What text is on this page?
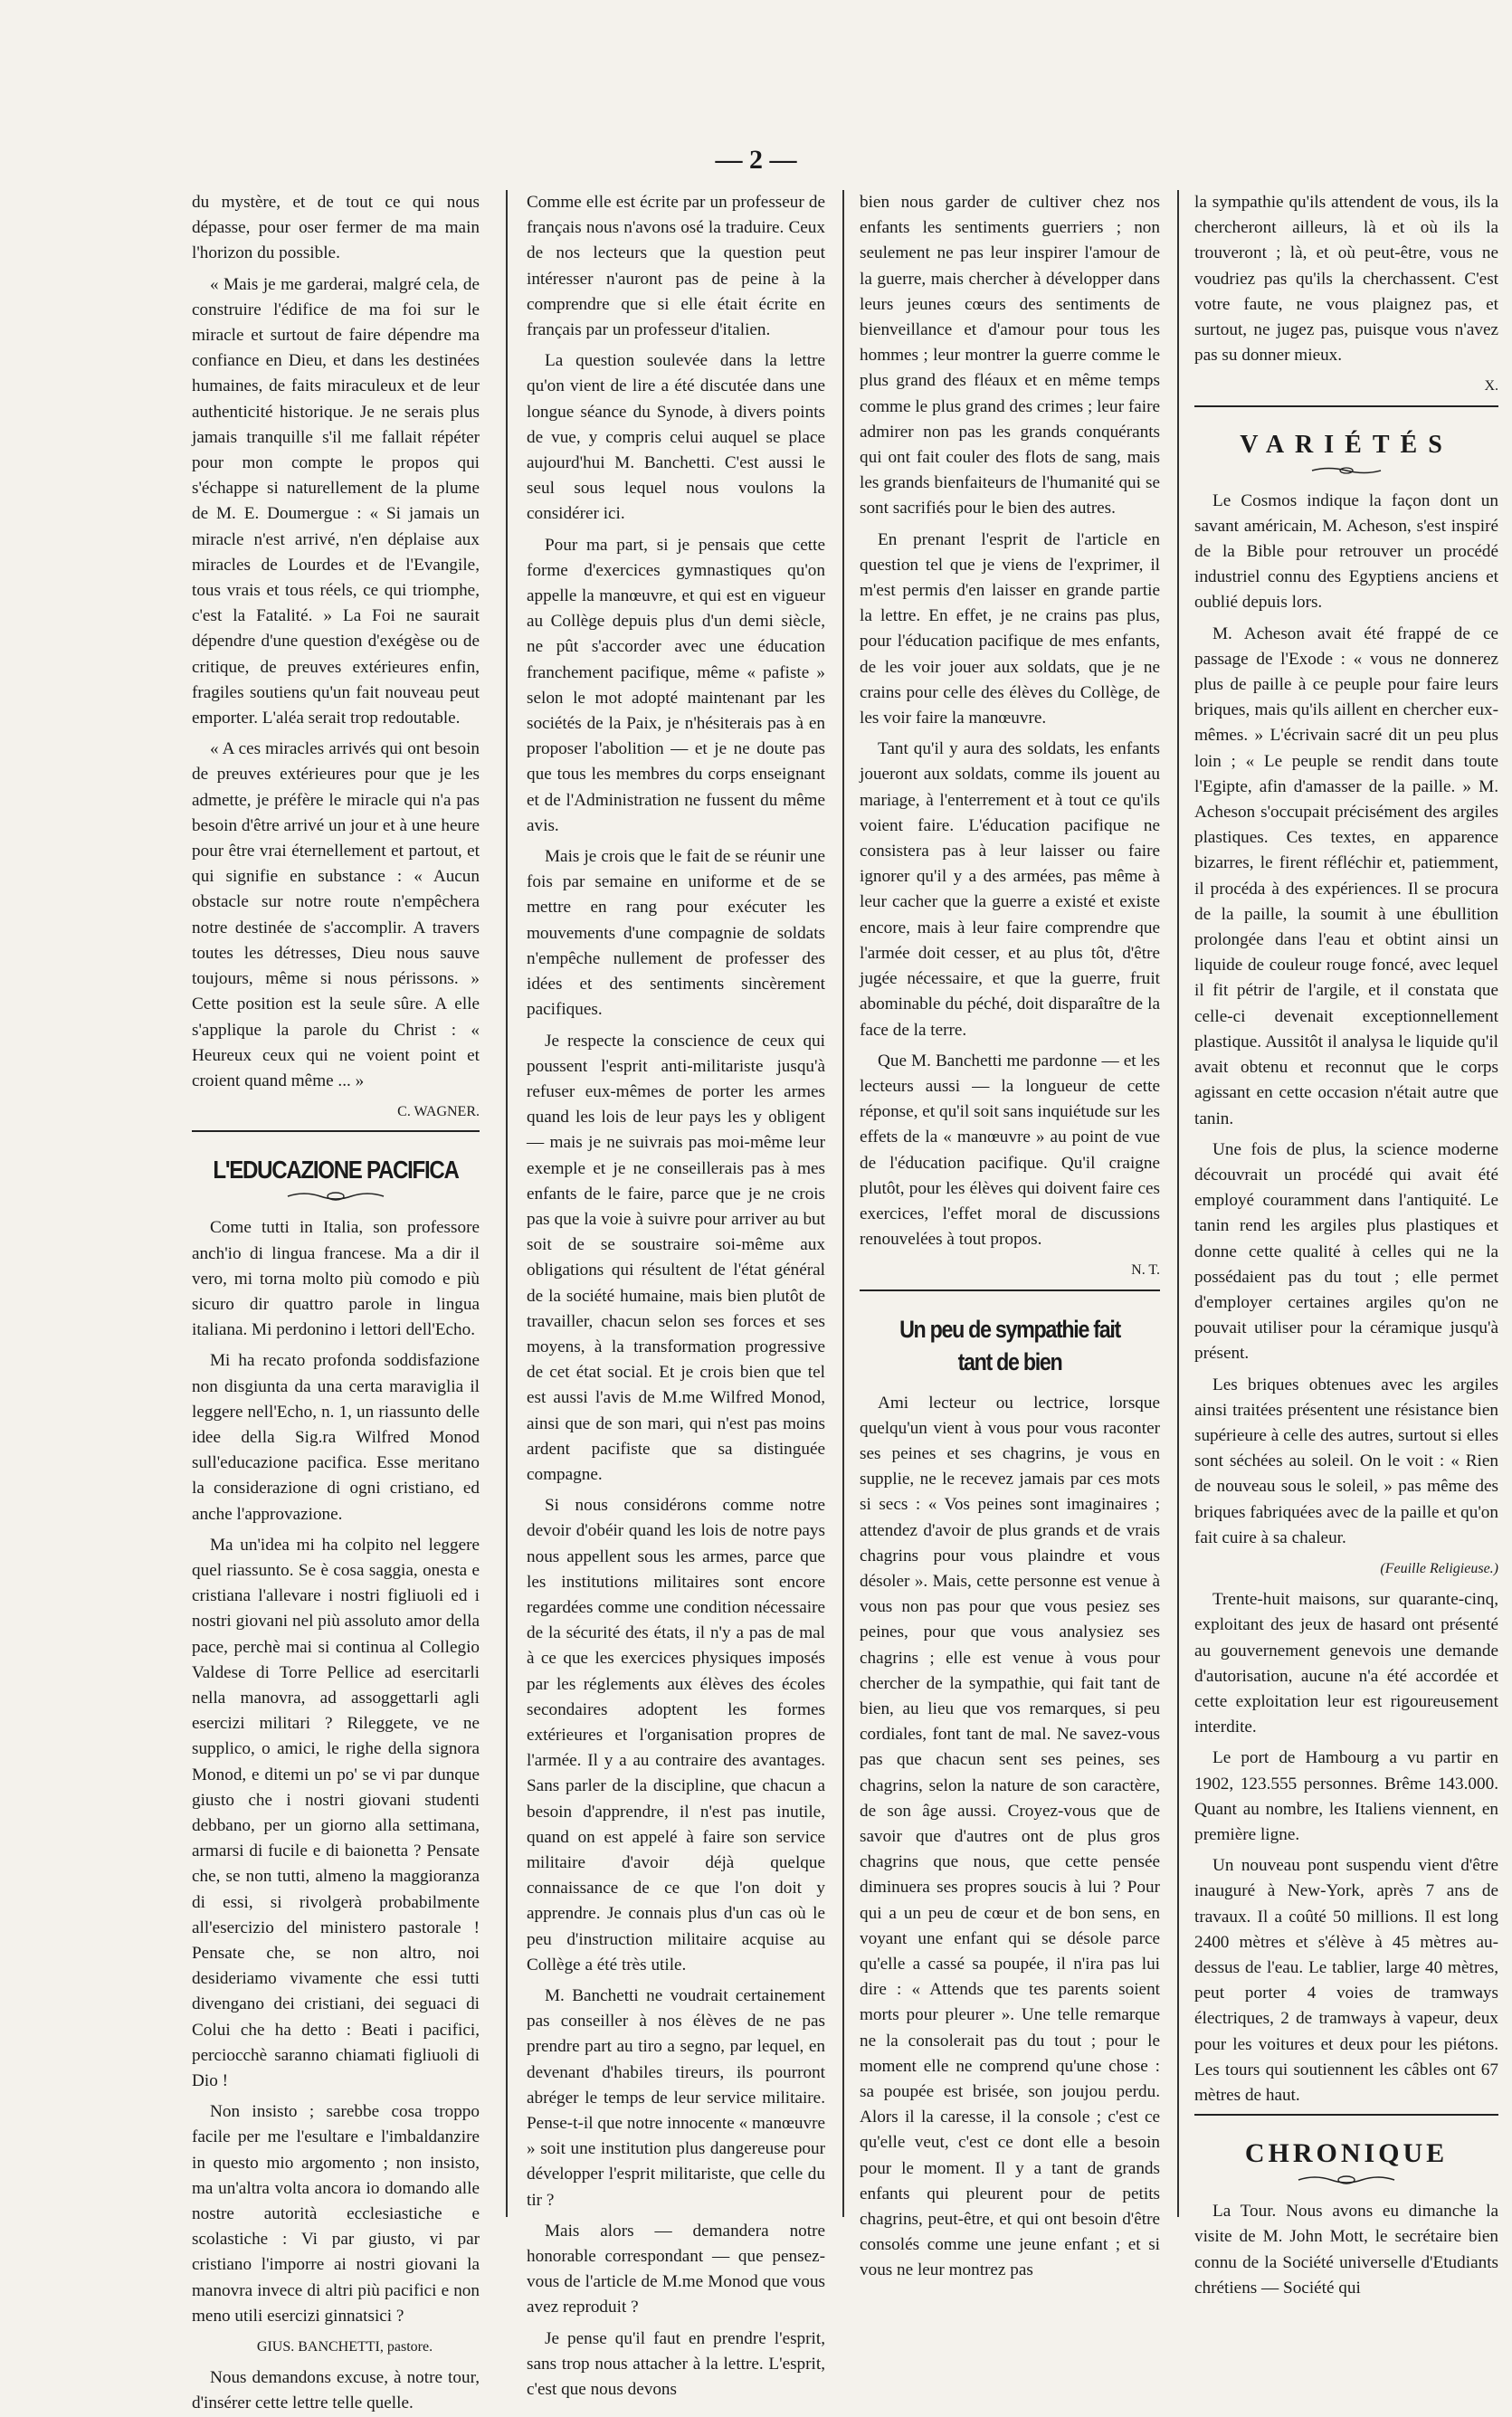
— 2 —

du mystère, et de tout ce qui nous dépasse, pour oser fermer de ma main l'horizon du possible.

« Mais je me garderai, malgré cela, de construire l'édifice de ma foi sur le miracle et surtout de faire dépendre ma confiance en Dieu, et dans les destinées humaines, de faits miraculeux et de leur authenticité historique. Je ne serais plus jamais tranquille s'il me fallait répéter pour mon compte le propos qui s'échappe si naturellement de la plume de M. E. Doumergue : « Si jamais un miracle n'est arrivé, n'en déplaise aux miracles de Lourdes et de l'Evangile, tous vrais et tous réels, ce qui triomphe, c'est la Fatalité. » La Foi ne saurait dépendre d'une question d'exégèse ou de critique, de preuves extérieures enfin, fragiles soutiens qu'un fait nouveau peut emporter. L'aléa serait trop redoutable.

« A ces miracles arrivés qui ont besoin de preuves extérieures pour que je les admette, je préfère le miracle qui n'a pas besoin d'être arrivé un jour et à une heure pour être vrai éternellement et partout, et qui signifie en substance : « Aucun obstacle sur notre route n'empêchera notre destinée de s'accomplir. A travers toutes les détresses, Dieu nous sauve toujours, même si nous périssons. » Cette position est la seule sûre. A elle s'applique la parole du Christ : « Heureux ceux qui ne voient point et croient quand même ... »

C. WAGNER.

L'EDUCAZIONE PACIFICA

Come tutti in Italia, son professore anch'io di lingua francese. Ma a dir il vero, mi torna molto più comodo e più sicuro dir quattro parole in lingua italiana. Mi perdonino i lettori dell'Echo.

Mi ha recato profonda soddisfazione non disgiunta da una certa maraviglia il leggere nell'Echo, n. 1, un riassunto delle idee della Sig.ra Wilfred Monod sull'educazione pacifica. Esse meritano la considerazione di ogni cristiano, ed anche l'approvazione.

Ma un'idea mi ha colpito nel leggere quel riassunto. Se è cosa saggia, onesta e cristiana l'allevare i nostri figliuoli ed i nostri giovani nel più assoluto amor della pace, perchè mai si continua al Collegio Valdese di Torre Pellice ad esercitarli nella manovra, ad assoggettarli agli esercizi militari ? Rileggete, ve ne supplico, o amici, le righe della signora Monod, e ditemi un po' se vi par dunque giusto che i nostri giovani studenti debbano, per un giorno alla settimana, armarsi di fucile e di baionetta ? Pensate che, se non tutti, almeno la maggioranza di essi, si rivolgerà probabilmente all'esercizio del ministero pastorale ! Pensate che, se non altro, noi desideriamo vivamente che essi tutti divengano dei cristiani, dei seguaci di Colui che ha detto : Beati i pacifici, perciocchè saranno chiamati figliuoli di Dio !

Non insisto ; sarebbe cosa troppo facile per me l'esultare e l'imbaldanzire in questo mio argomento ; non insisto, ma un'altra volta ancora io domando alle nostre autorità ecclesiastiche e scolastiche : Vi par giusto, vi par cristiano l'imporre ai nostri giovani la manovra invece di altri più pacifici e non meno utili esercizi ginnatsici ?

GIUS. BANCHETTI, pastore.

Nous demandons excuse, à notre tour, d'insérer cette lettre telle quelle.

Comme elle est écrite par un professeur de français nous n'avons osé la traduire. Ceux de nos lecteurs que la question peut intéresser n'auront pas de peine à la comprendre que si elle était écrite en français par un professeur d'italien.

La question soulevée dans la lettre qu'on vient de lire a été discutée dans une longue séance du Synode, à divers points de vue, y compris celui auquel se place aujourd'hui M. Banchetti. C'est aussi le seul sous lequel nous voulons la considérer ici.

Pour ma part, si je pensais que cette forme d'exercices gymnastiques qu'on appelle la manœuvre, et qui est en vigueur au Collège depuis plus d'un demi siècle, ne pût s'accorder avec une éducation franchement pacifique, même « pafiste » selon le mot adopté maintenant par les sociétés de la Paix, je n'hésiterais pas à en proposer l'abolition — et je ne doute pas que tous les membres du corps enseignant et de l'Administration ne fussent du même avis.

Mais je crois que le fait de se réunir une fois par semaine en uniforme et de se mettre en rang pour exécuter les mouvements d'une compagnie de soldats n'empêche nullement de professer des idées et des sentiments sincèrement pacifiques.

Je respecte la conscience de ceux qui poussent l'esprit anti-militariste jusqu'à refuser eux-mêmes de porter les armes quand les lois de leur pays les y obligent — mais je ne suivrais pas moi-même leur exemple et je ne conseillerais pas à mes enfants de le faire, parce que je ne crois pas que la voie à suivre pour arriver au but soit de se soustraire soi-même aux obligations qui résultent de l'état général de la société humaine, mais bien plutôt de travailler, chacun selon ses forces et ses moyens, à la transformation progressive de cet état social. Et je crois bien que tel est aussi l'avis de M.me Wilfred Monod, ainsi que de son mari, qui n'est pas moins ardent pacifiste que sa distinguée compagne.

Si nous considérons comme notre devoir d'obéir quand les lois de notre pays nous appellent sous les armes, parce que les institutions militaires sont encore regardées comme une condition nécessaire de la sécurité des états, il n'y a pas de mal à ce que les exercices physiques imposés par les réglements aux élèves des écoles secondaires adoptent les formes extérieures et l'organisation propres de l'armée. Il y a au contraire des avantages. Sans parler de la discipline, que chacun a besoin d'apprendre, il n'est pas inutile, quand on est appelé à faire son service militaire d'avoir déjà quelque connaissance de ce que l'on doit y apprendre. Je connais plus d'un cas où le peu d'instruction militaire acquise au Collège a été très utile.

M. Banchetti ne voudrait certainement pas conseiller à nos élèves de ne pas prendre part au tiro a segno, par lequel, en devenant d'habiles tireurs, ils pourront abréger le temps de leur service militaire. Pense-t-il que notre innocente « manœuvre » soit une institution plus dangereuse pour développer l'esprit militariste, que celle du tir ?

Mais alors — demandera notre honorable correspondant — que pensez-vous de l'article de M.me Monod que vous avez reproduit ?

Je pense qu'il faut en prendre l'esprit, sans trop nous attacher à la lettre. L'esprit, c'est que nous devons

bien nous garder de cultiver chez nos enfants les sentiments guerriers ; non seulement ne pas leur inspirer l'amour de la guerre, mais chercher à développer dans leurs jeunes cœurs des sentiments de bienveillance et d'amour pour tous les hommes ; leur montrer la guerre comme le plus grand des fléaux et en même temps comme le plus grand des crimes ; leur faire admirer non pas les grands conquérants qui ont fait couler des flots de sang, mais les grands bienfaiteurs de l'humanité qui se sont sacrifiés pour le bien des autres.

En prenant l'esprit de l'article en question tel que je viens de l'exprimer, il m'est permis d'en laisser en grande partie la lettre. En effet, je ne crains pas plus, pour l'éducation pacifique de mes enfants, de les voir jouer aux soldats, que je ne crains pour celle des élèves du Collège, de les voir faire la manœuvre.

Tant qu'il y aura des soldats, les enfants joueront aux soldats, comme ils jouent au mariage, à l'enterrement et à tout ce qu'ils voient faire. L'éducation pacifique ne consistera pas à leur laisser ou faire ignorer qu'il y a des armées, pas même à leur cacher que la guerre a existé et existe encore, mais à leur faire comprendre que l'armée doit cesser, et au plus tôt, d'être jugée nécessaire, et que la guerre, fruit abominable du péché, doit disparaître de la face de la terre.

Que M. Banchetti me pardonne — et les lecteurs aussi — la longueur de cette réponse, et qu'il soit sans inquiétude sur les effets de la « manœuvre » au point de vue de l'éducation pacifique. Qu'il craigne plutôt, pour les élèves qui doivent faire ces exercices, l'effet moral de discussions renouvelées à tout propos.

N. T.

Un peu de sympathie fait tant de bien

Ami lecteur ou lectrice, lorsque quelqu'un vient à vous pour vous raconter ses peines et ses chagrins, je vous en supplie, ne le recevez jamais par ces mots si secs : « Vos peines sont imaginaires ; attendez d'avoir de plus grands et de vrais chagrins pour vous plaindre et vous désoler ». Mais, cette personne est venue à vous non pas pour que vous pesiez ses peines, pour que vous analysiez ses chagrins ; elle est venue à vous pour chercher de la sympathie, qui fait tant de bien, au lieu que vos remarques, si peu cordiales, font tant de mal. Ne savez-vous pas que chacun sent ses peines, ses chagrins, selon la nature de son caractère, de son âge aussi. Croyez-vous que de savoir que d'autres ont de plus gros chagrins que nous, que cette pensée diminuera ses propres soucis à lui ? Pour qui a un peu de cœur et de bon sens, en voyant une enfant qui se désole parce qu'elle a cassé sa poupée, il n'ira pas lui dire : « Attends que tes parents soient morts pour pleurer ». Une telle remarque ne la consolerait pas du tout ; pour le moment elle ne comprend qu'une chose : sa poupée est brisée, son joujou perdu. Alors il la caresse, il la console ; c'est ce qu'elle veut, c'est ce dont elle a besoin pour le moment. Il y a tant de grands enfants qui pleurent pour de petits chagrins, peut-être, et qui ont besoin d'être consolés comme une jeune enfant ; et si vous ne leur montrez pas

la sympathie qu'ils attendent de vous, ils la chercheront ailleurs, là et où ils la trouveront ; là, et où peut-être, vous ne voudriez pas qu'ils la cherchassent. C'est votre faute, ne vous plaignez pas, et surtout, ne jugez pas, puisque vous n'avez pas su donner mieux.

X.

VARIÉTÉS

Le Cosmos indique la façon dont un savant américain, M. Acheson, s'est inspiré de la Bible pour retrouver un procédé industriel connu des Egyptiens anciens et oublié depuis lors.

M. Acheson avait été frappé de ce passage de l'Exode : « vous ne donnerez plus de paille à ce peuple pour faire leurs briques, mais qu'ils aillent en chercher eux-mêmes. » L'écrivain sacré dit un peu plus loin ; « Le peuple se rendit dans toute l'Egipte, afin d'amasser de la paille. » M. Acheson s'occupait précisément des argiles plastiques. Ces textes, en apparence bizarres, le firent réfléchir et, patiemment, il procéda à des expériences. Il se procura de la paille, la soumit à une ébullition prolongée dans l'eau et obtint ainsi un liquide de couleur rouge foncé, avec lequel il fit pétrir de l'argile, et il constata que celle-ci devenait exceptionnellement plastique. Aussitôt il analysa le liquide qu'il avait obtenu et reconnut que le corps agissant en cette occasion n'était autre que tanin.

Une fois de plus, la science moderne découvrait un procédé qui avait été employé couramment dans l'antiquité. Le tanin rend les argiles plus plastiques et donne cette qualité à celles qui ne la possédaient pas du tout ; elle permet d'employer certaines argiles qu'on ne pouvait utiliser pour la céramique jusqu'à présent.

Les briques obtenues avec les argiles ainsi traitées présentent une résistance bien supérieure à celle des autres, surtout si elles sont séchées au soleil. On le voit : « Rien de nouveau sous le soleil, » pas même des briques fabriquées avec de la paille et qu'on fait cuire à sa chaleur.

(Feuille Religieuse.)

Trente-huit maisons, sur quarante-cinq, exploitant des jeux de hasard ont présenté au gouvernement genevois une demande d'autorisation, aucune n'a été accordée et cette exploitation leur est rigoureusement interdite.

Le port de Hambourg a vu partir en 1902, 123.555 personnes. Brême 143.000. Quant au nombre, les Italiens viennent, en première ligne.

Un nouveau pont suspendu vient d'être inauguré à New-York, après 7 ans de travaux. Il a coûté 50 millions. Il est long 2400 mètres et s'élève à 45 mètres au-dessus de l'eau. Le tablier, large 40 mètres, peut porter 4 voies de tramways électriques, 2 de tramways à vapeur, deux pour les voitures et deux pour les piétons. Les tours qui soutiennent les câbles ont 67 mètres de haut.

CHRONIQUE

La Tour. Nous avons eu dimanche la visite de M. John Mott, le secrétaire bien connu de la Société universelle d'Etudiants chrétiens — Société qui
